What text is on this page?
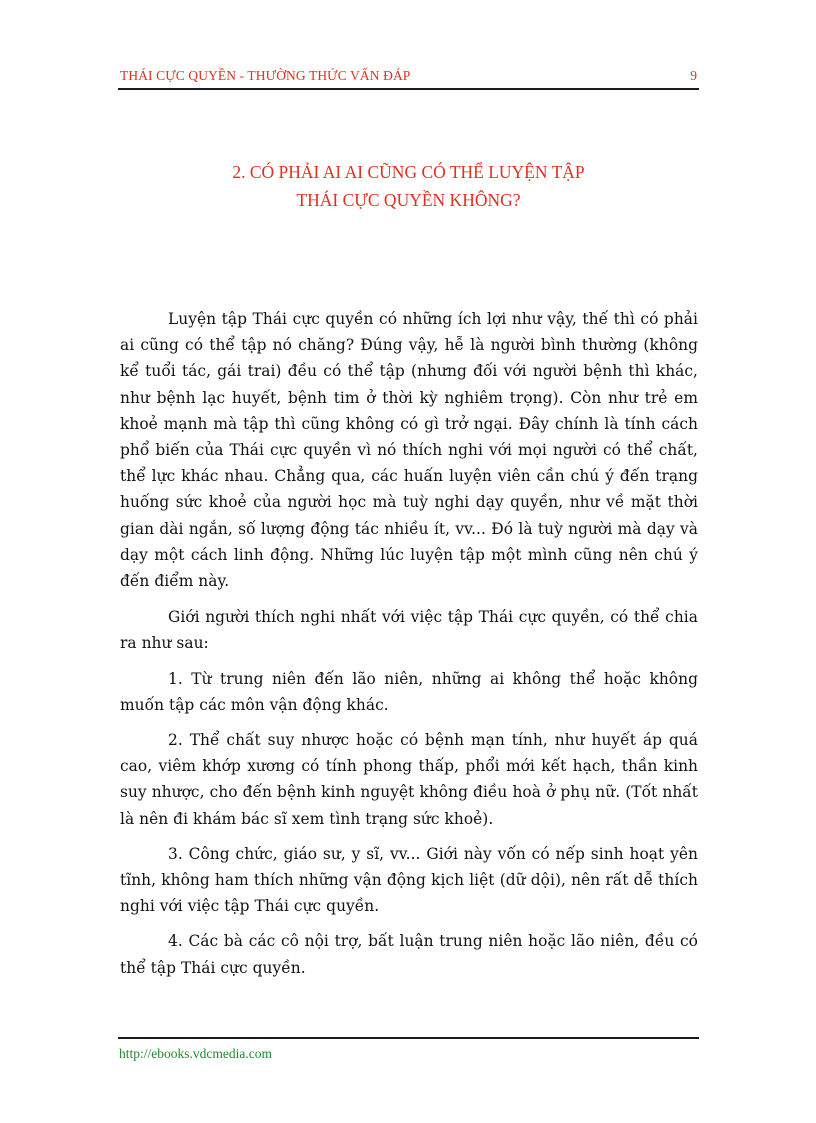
THÁI CỰC QUYỀN - THƯỜNG THỨC VẤN ĐÁP	9
2. CÓ PHẢI AI AI CŨNG CÓ THỂ LUYỆN TẬP
THÁI CỰC QUYỀN KHÔNG?

Luyện tập Thái cực quyền có những ích lợi như vậy, thế thì có phải ai cũng có thể tập nó chăng? Đúng vậy, hễ là người bình thường (không kể tuổi tác, gái trai) đều có thể tập (nhưng đối với người bệnh thì khác, như bệnh lạc huyết, bệnh tim ở thời kỳ nghiêm trọng). Còn như trẻ em khoẻ mạnh mà tập thì cũng không có gì trở ngại. Đây chính là tính cách phổ biến của Thái cực quyền vì nó thích nghi với mọi người có thể chất, thể lực khác nhau. Chẳng qua, các huấn luyện viên cần chú ý đến trạng huống sức khoẻ của người học mà tuỳ nghi dạy quyền, như về mặt thời gian dài ngắn, số lượng động tác nhiều ít, vv... Đó là tuỳ người mà dạy và dạy một cách linh động. Những lúc luyện tập một mình cũng nên chú ý đến điểm này.

Giới người thích nghi nhất với việc tập Thái cực quyền, có thể chia ra như sau:

1. Từ trung niên đến lão niên, những ai không thể hoặc không muốn tập các môn vận động khác.

2. Thể chất suy nhược hoặc có bệnh mạn tính, như huyết áp quá cao, viêm khớp xương có tính phong thấp, phổi mới kết hạch, thần kinh suy nhược, cho đến bệnh kinh nguyệt không điều hoà ở phụ nữ. (Tốt nhất là nên đi khám bác sĩ xem tình trạng sức khoẻ).

3. Công chức, giáo sư, y sĩ, vv... Giới này vốn có nếp sinh hoạt yên tĩnh, không ham thích những vận động kịch liệt (dữ dội), nên rất dễ thích nghi với việc tập Thái cực quyền.

4. Các bà các cô nội trợ, bất luận trung niên hoặc lão niên, đều có thể tập Thái cực quyền.

http://ebooks.vdcmedia.com
